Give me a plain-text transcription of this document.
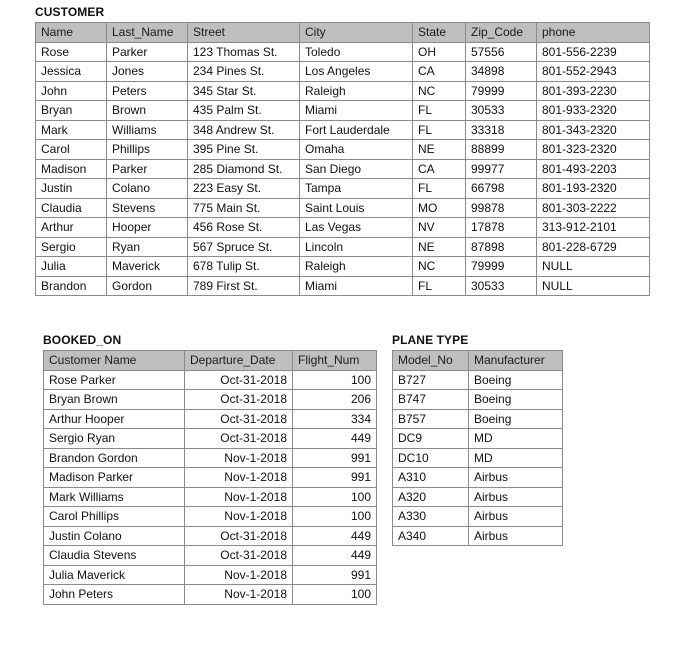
CUSTOMER
Name	Last_Name	Street	City	State	Zip_Code	phone
Rose	Parker	123 Thomas St.	Toledo	OH	57556	801-556-2239
Jessica	Jones	234 Pines St.	Los Angeles	CA	34898	801-552-2943
John	Peters	345 Star St.	Raleigh	NC	79999	801-393-2230
Bryan	Brown	435 Palm St.	Miami	FL	30533	801-933-2320
Mark	Williams	348 Andrew St.	Fort Lauderdale	FL	33318	801-343-2320
Carol	Phillips	395 Pine St.	Omaha	NE	88899	801-323-2320
Madison	Parker	285 Diamond St.	San Diego	CA	99977	801-493-2203
Justin	Colano	223 Easy St.	Tampa	FL	66798	801-193-2320
Claudia	Stevens	775 Main St.	Saint Louis	MO	99878	801-303-2222
Arthur	Hooper	456 Rose St.	Las Vegas	NV	17878	313-912-2101
Sergio	Ryan	567 Spruce St.	Lincoln	NE	87898	801-228-6729
Julia	Maverick	678 Tulip St.	Raleigh	NC	79999	NULL
Brandon	Gordon	789 First St.	Miami	FL	30533	NULL
BOOKED_ON
Customer Name	Departure_Date	Flight_Num
Rose Parker	Oct-31-2018	100
Bryan Brown	Oct-31-2018	206
Arthur Hooper	Oct-31-2018	334
Sergio Ryan	Oct-31-2018	449
Brandon Gordon	Nov-1-2018	991
Madison Parker	Nov-1-2018	991
Mark Williams	Nov-1-2018	100
Carol Phillips	Nov-1-2018	100
Justin Colano	Oct-31-2018	449
Claudia Stevens	Oct-31-2018	449
Julia Maverick	Nov-1-2018	991
John Peters	Nov-1-2018	100
PLANE TYPE
Model_No	Manufacturer
B727	Boeing
B747	Boeing
B757	Boeing
DC9	MD
DC10	MD
A310	Airbus
A320	Airbus
A330	Airbus
A340	Airbus
